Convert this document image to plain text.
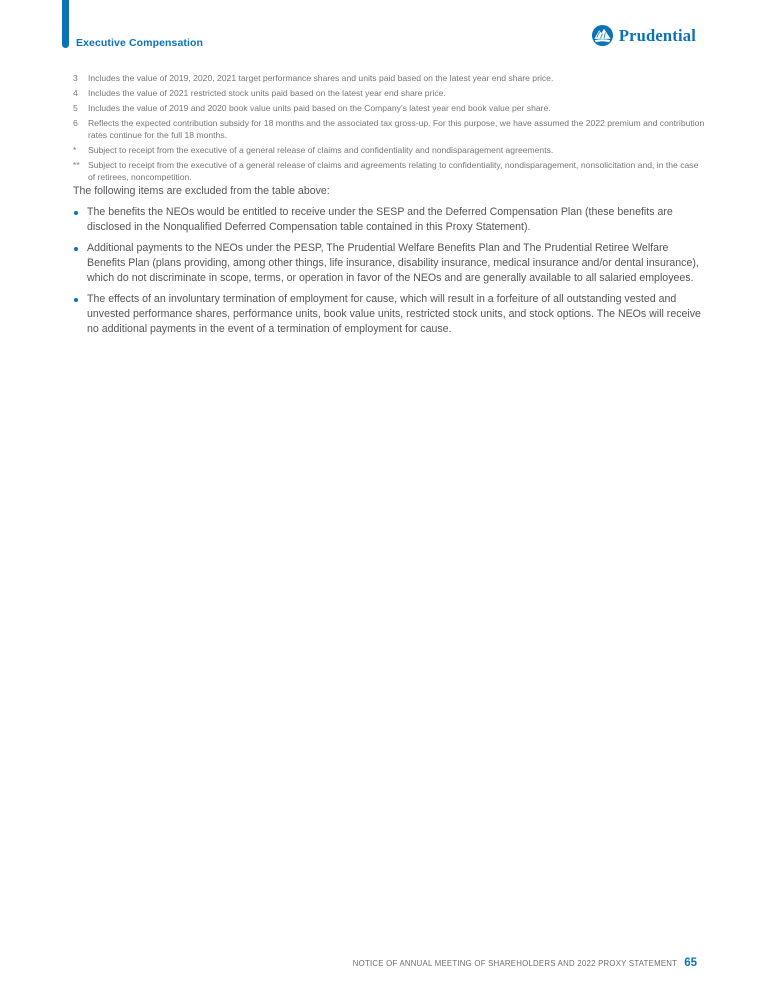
Executive Compensation	Prudential
3	Includes the value of 2019, 2020, 2021 target performance shares and units paid based on the latest year end share price.
4	Includes the value of 2021 restricted stock units paid based on the latest year end share price.
5	Includes the value of 2019 and 2020 book value units paid based on the Company's latest year end book value per share.
6	Reflects the expected contribution subsidy for 18 months and the associated tax gross-up. For this purpose, we have assumed the 2022 premium and contribution rates continue for the full 18 months.
*	Subject to receipt from the executive of a general release of claims and confidentiality and nondisparagement agreements.
** Subject to receipt from the executive of a general release of claims and agreements relating to confidentiality, nondisparagement, nonsolicitation and, in the case of retirees, noncompetition.

The following items are excluded from the table above:

The benefits the NEOs would be entitled to receive under the SESP and the Deferred Compensation Plan (these benefits are disclosed in the Nonqualified Deferred Compensation table contained in this Proxy Statement).
Additional payments to the NEOs under the PESP, The Prudential Welfare Benefits Plan and The Prudential Retiree Welfare Benefits Plan (plans providing, among other things, life insurance, disability insurance, medical insurance and/or dental insurance), which do not discriminate in scope, terms, or operation in favor of the NEOs and are generally available to all salaried employees.
The effects of an involuntary termination of employment for cause, which will result in a forfeiture of all outstanding vested and unvested performance shares, performance units, book value units, restricted stock units, and stock options. The NEOs will receive no additional payments in the event of a termination of employment for cause.
NOTICE OF ANNUAL MEETING OF SHAREHOLDERS AND 2022 PROXY STATEMENT 65
